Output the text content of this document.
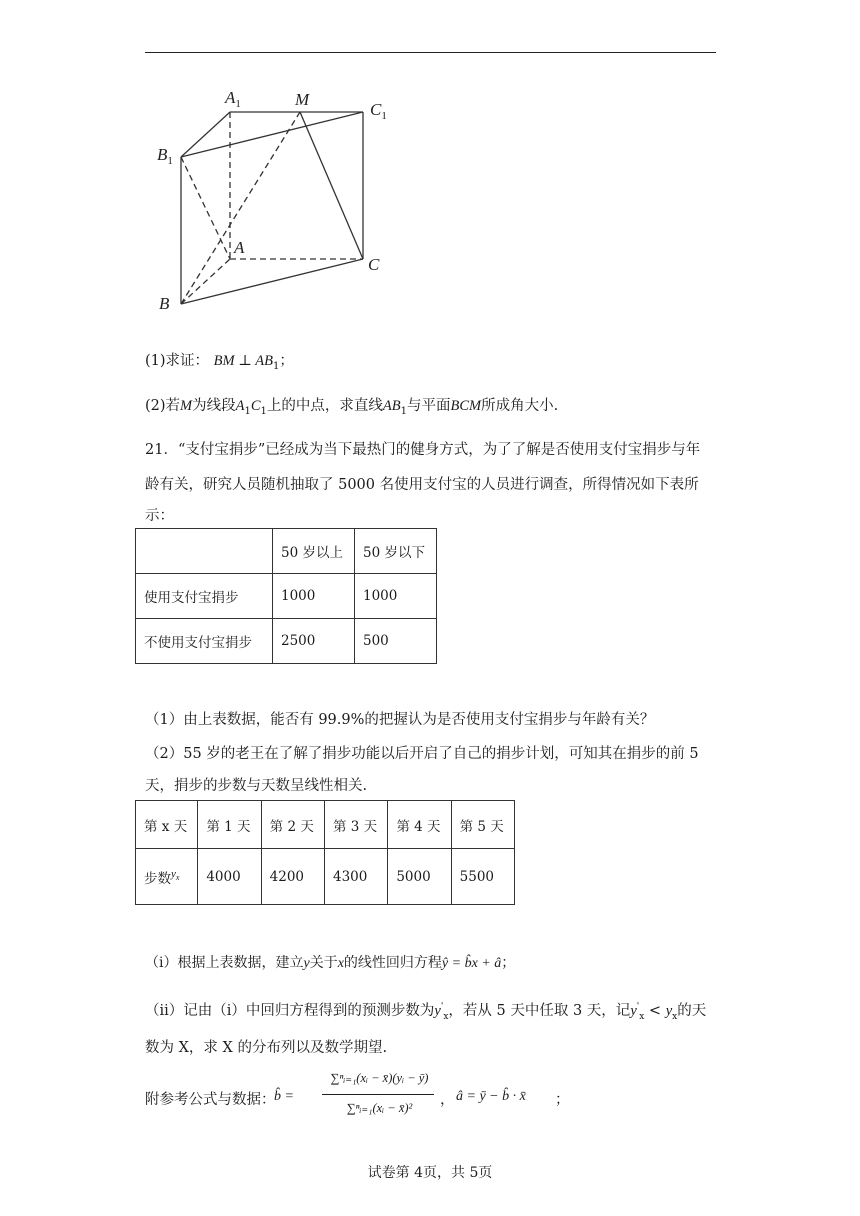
$A_1$	M
$C_1$
$B_1$
A
C
B
(1)求证： BM ⊥ $AB_1$；
(2)若M为线段$A_1C_1$上的中点，求直线$AB_1$与平面BCM所成角大小.
21．“支付宝捐步”已经成为当下最热门的健身方式，为了了解是否使用支付宝捐步与年
龄有关，研究人员随机抽取了 5000 名使用支付宝的人员进行调查，所得情况如下表所
示：
	50 岁以上	50 岁以下
使用支付宝捐步	1000	1000
不使用支付宝捐步	2500	500
（1）由上表数据，能否有 99.9%的把握认为是否使用支付宝捐步与年龄有关？
（2）55 岁的老王在了解了捐步功能以后开启了自己的捐步计划，可知其在捐步的前 5
天，捐步的步数与天数呈线性相关.
第 x 天	第 1 天	第 2 天	第 3 天	第 4 天	第 5 天
步数$^{y_x}$	4000	4200	4300	5000	5500
（i）根据上表数据，建立y关于x的线性回归方程ŷ = b̂x + â；
（ii）记由（i）中回归方程得到的预测步数为$y'_x$，若从 5 天中任取 3 天，记$y'_x < y_x$的天
数为 X，求 X 的分布列以及数学期望.
附参考公式与数据：
b̂ =
∑ⁿᵢ₌₁(xᵢ − x̄)(yᵢ − ȳ)
∑ⁿᵢ₌₁(xᵢ − x̄)²	， â = ȳ − b̂ · x̄ ；
试卷第 4页，共 5页
